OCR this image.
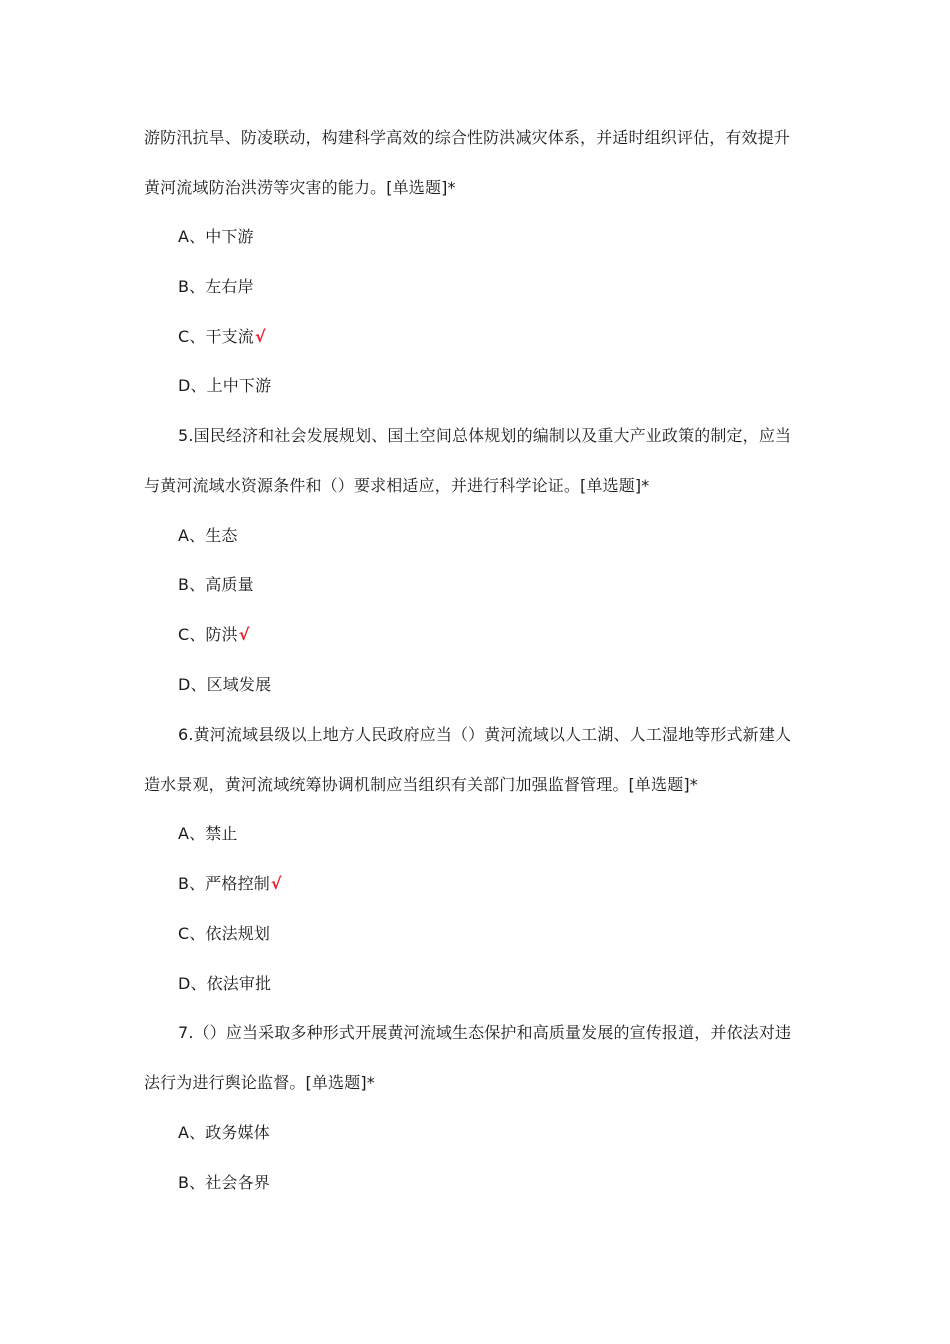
游防汛抗旱、防凌联动，构建科学高效的综合性防洪减灾体系，并适时组织评估，有效提升
黄河流域防治洪涝等灾害的能力。[单选题]*
A、中下游
B、左右岸
C、干支流√
D、上中下游
5.国民经济和社会发展规划、国土空间总体规划的编制以及重大产业政策的制定，应当
与黄河流域水资源条件和（）要求相适应，并进行科学论证。[单选题]*
A、生态
B、高质量
C、防洪√
D、区域发展
6.黄河流域县级以上地方人民政府应当（）黄河流域以人工湖、人工湿地等形式新建人
造水景观，黄河流域统筹协调机制应当组织有关部门加强监督管理。[单选题]*
A、禁止
B、严格控制√
C、依法规划
D、依法审批
7.（）应当采取多种形式开展黄河流域生态保护和高质量发展的宣传报道，并依法对违
法行为进行舆论监督。[单选题]*
A、政务媒体
B、社会各界
